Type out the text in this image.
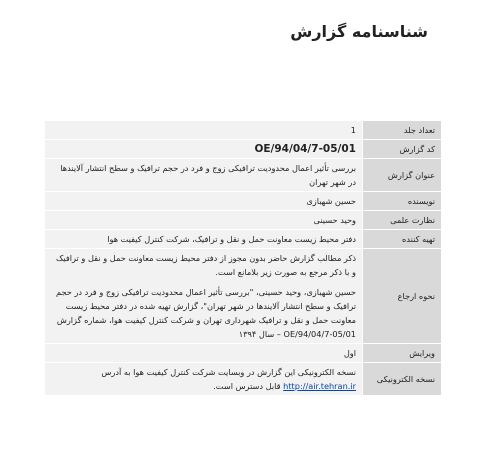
شناسنامه گزارش
تعداد جلد	1
کد گزارش	OE/94/04/7-05/01
عنوان گزارش	بررسی تأثیر اعمال محدودیت ترافیکی زوج و فرد در حجم ترافیک و سطح انتشار آلایندها در شهر تهران
نویسنده	حسین شهبازی
نظارت علمی	وحید حسینی
تهیه کننده	دفتر محیط زیست معاونت حمل و نقل و ترافیک، شرکت کنترل کیفیت هوا
نحوه ارجاع	ذکر مطالب گزارش حاضر بدون مجوز از دفتر محیط زیست معاونت حمل و نقل و ترافیک و با ذکر مرجع به صورت زیر بلامانع است.

حسین شهبازی، وحید حسینی، "بررسی تأثیر اعمال محدودیت ترافیکی زوج و فرد در حجم ترافیک و سطح انتشار آلایندها در شهر تهران"، گزارش تهیه شده در دفتر محیط زیست معاونت حمل و نقل و ترافیک شهرداری تهران و شرکت کنترل کیفیت هوا، شماره گزارش OE/94/04/7-05/01 – سال ۱۳۹۴

ویرایش	اول
نسخه الکترونیکی	نسخه الکترونیکی این گزارش در وبسایت شرکت کنترل کیفیت هوا به آدرس http://air.tehran.ir قابل دسترس است.
